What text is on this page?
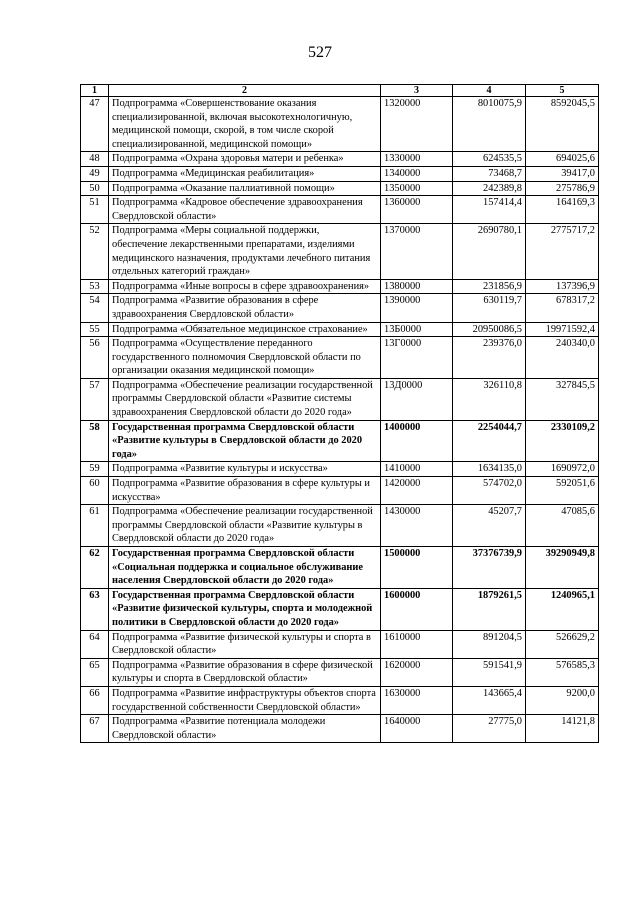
527
1	2	3	4	5
47	Подпрограмма «Совершенствование оказания специализированной, включая высокотехнологичную, медицинской помощи, скорой, в том числе скорой специализированной, медицинской помощи»	1320000	8010075,9	8592045,5
48	Подпрограмма «Охрана здоровья матери и ребенка»	1330000	624535,5	694025,6
49	Подпрограмма «Медицинская реабилитация»	1340000	73468,7	39417,0
50	Подпрограмма «Оказание паллиативной помощи»	1350000	242389,8	275786,9
51	Подпрограмма «Кадровое обеспечение здравоохранения Свердловской области»	1360000	157414,4	164169,3
52	Подпрограмма «Меры социальной поддержки, обеспечение лекарственными препаратами, изделиями медицинского назначения, продуктами лечебного питания отдельных категорий граждан»	1370000	2690780,1	2775717,2
53	Подпрограмма «Иные вопросы в сфере здравоохранения»	1380000	231856,9	137396,9
54	Подпрограмма «Развитие образования в сфере здравоохранения Свердловской области»	1390000	630119,7	678317,2
55	Подпрограмма «Обязательное медицинское страхование»	13Б0000	20950086,5	19971592,4
56	Подпрограмма «Осуществление переданного государственного полномочия Свердловской области по организации оказания медицинской помощи»	13Г0000	239376,0	240340,0
57	Подпрограмма «Обеспечение реализации государственной программы Свердловской области «Развитие системы здравоохранения Свердловской области до 2020 года»	13Д0000	326110,8	327845,5
58	Государственная программа Свердловской области «Развитие культуры в Свердловской области до 2020 года»	1400000	2254044,7	2330109,2
59	Подпрограмма «Развитие культуры и искусства»	1410000	1634135,0	1690972,0
60	Подпрограмма «Развитие образования в сфере культуры и искусства»	1420000	574702,0	592051,6
61	Подпрограмма «Обеспечение реализации государственной программы Свердловской области «Развитие культуры в Свердловской области до 2020 года»	1430000	45207,7	47085,6
62	Государственная программа Свердловской области «Социальная поддержка и социальное обслуживание населения Свердловской области до 2020 года»	1500000	37376739,9	39290949,8
63	Государственная программа Свердловской области «Развитие физической культуры, спорта и молодежной политики в Свердловской области до 2020 года»	1600000	1879261,5	1240965,1
64	Подпрограмма «Развитие физической культуры и спорта в Свердловской области»	1610000	891204,5	526629,2
65	Подпрограмма «Развитие образования в сфере физической культуры и спорта в Свердловской области»	1620000	591541,9	576585,3
66	Подпрограмма «Развитие инфраструктуры объектов спорта государственной собственности Свердловской области»	1630000	143665,4	9200,0
67	Подпрограмма «Развитие потенциала молодежи Свердловской области»	1640000	27775,0	14121,8
